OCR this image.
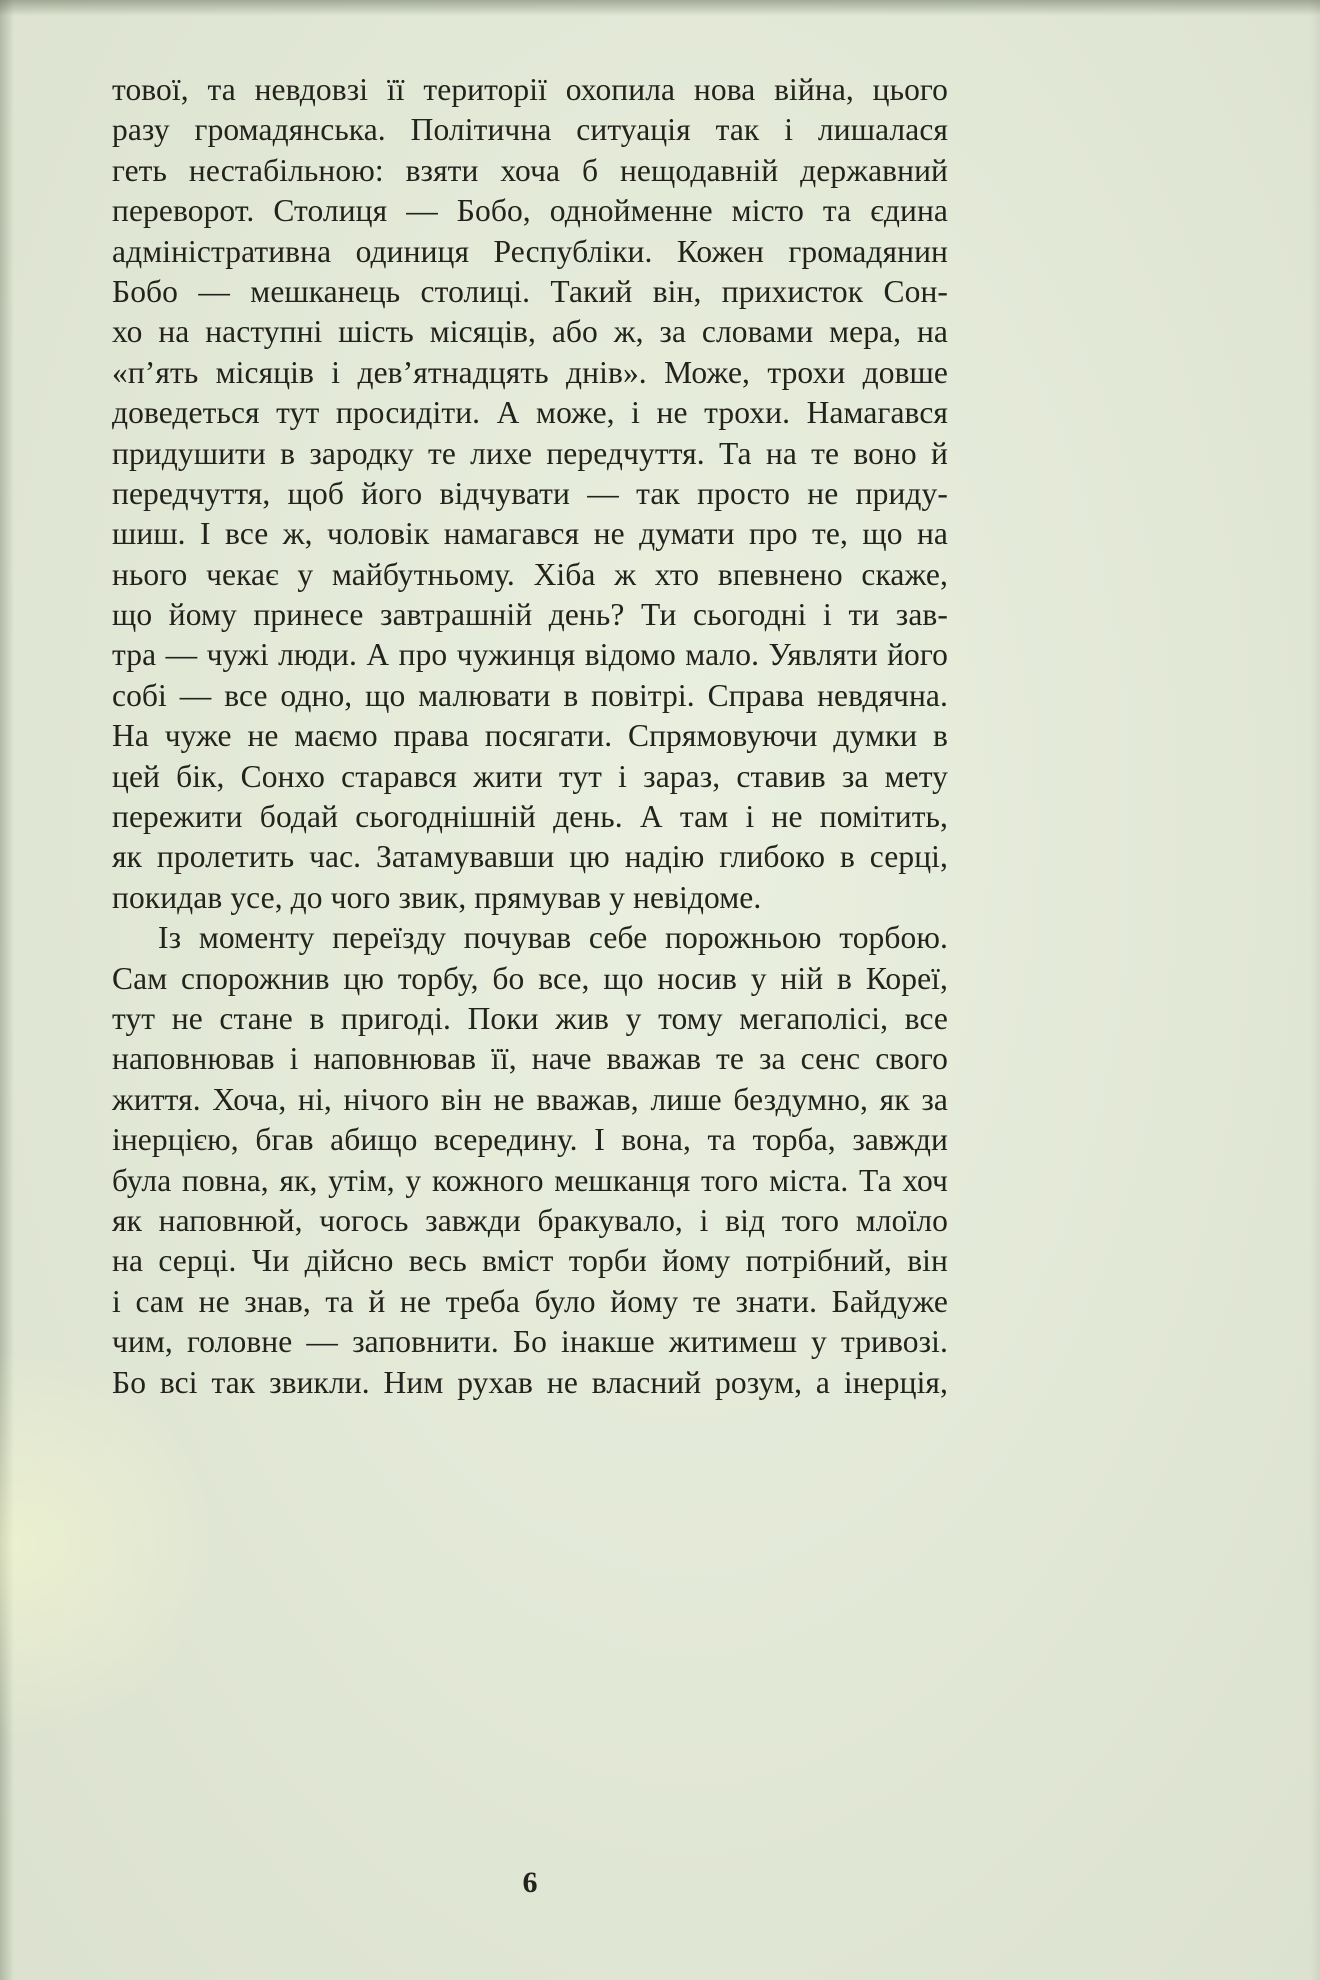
тової, та невдовзі її території охопила нова війна, цього
разу громадянська. Політична ситуація так і лишалася
геть нестабільною: взяти хоча б нещодавній державний
переворот. Столиця — Бобо, однойменне місто та єдина
адміністративна одиниця Республіки. Кожен громадянин
Бобо — мешканець столиці. Такий він, прихисток Сон-
хо на наступні шість місяців, або ж, за словами мера, на
«п’ять місяців і дев’ятнадцять днів». Може, трохи довше
доведеться тут просидіти. А може, і не трохи. Намагався
придушити в зародку те лихе передчуття. Та на те воно й
передчуття, щоб його відчувати — так просто не приду-
шиш. І все ж, чоловік намагався не думати про те, що на
нього чекає у майбутньому. Хіба ж хто впевнено скаже,
що йому принесе завтрашній день? Ти сьогодні і ти зав-
тра — чужі люди. А про чужинця відомо мало. Уявляти його
собі — все одно, що малювати в повітрі. Справа невдячна.
На чуже не маємо права посягати. Спрямовуючи думки в
цей бік, Сонхо старався жити тут і зараз, ставив за мету
пережити бодай сьогоднішній день. А там і не помітить,
як пролетить час. Затамувавши цю надію глибоко в серці,
покидав усе, до чого звик, прямував у невідоме.
Із моменту переїзду почував себе порожньою торбою.
Сам спорожнив цю торбу, бо все, що носив у ній в Кореї,
тут не стане в пригоді. Поки жив у тому мегаполісі, все
наповнював і наповнював її, наче вважав те за сенс свого
життя. Хоча, ні, нічого він не вважав, лише бездумно, як за
інерцією, бгав абищо всередину. І вона, та торба, завжди
була повна, як, утім, у кожного мешканця того міста. Та хоч
як наповнюй, чогось завжди бракувало, і від того млоїло
на серці. Чи дійсно весь вміст торби йому потрібний, він
і сам не знав, та й не треба було йому те знати. Байдуже
чим, головне — заповнити. Бо інакше житимеш у тривозі.
Бо всі так звикли. Ним рухав не власний розум, а інерція,
6
